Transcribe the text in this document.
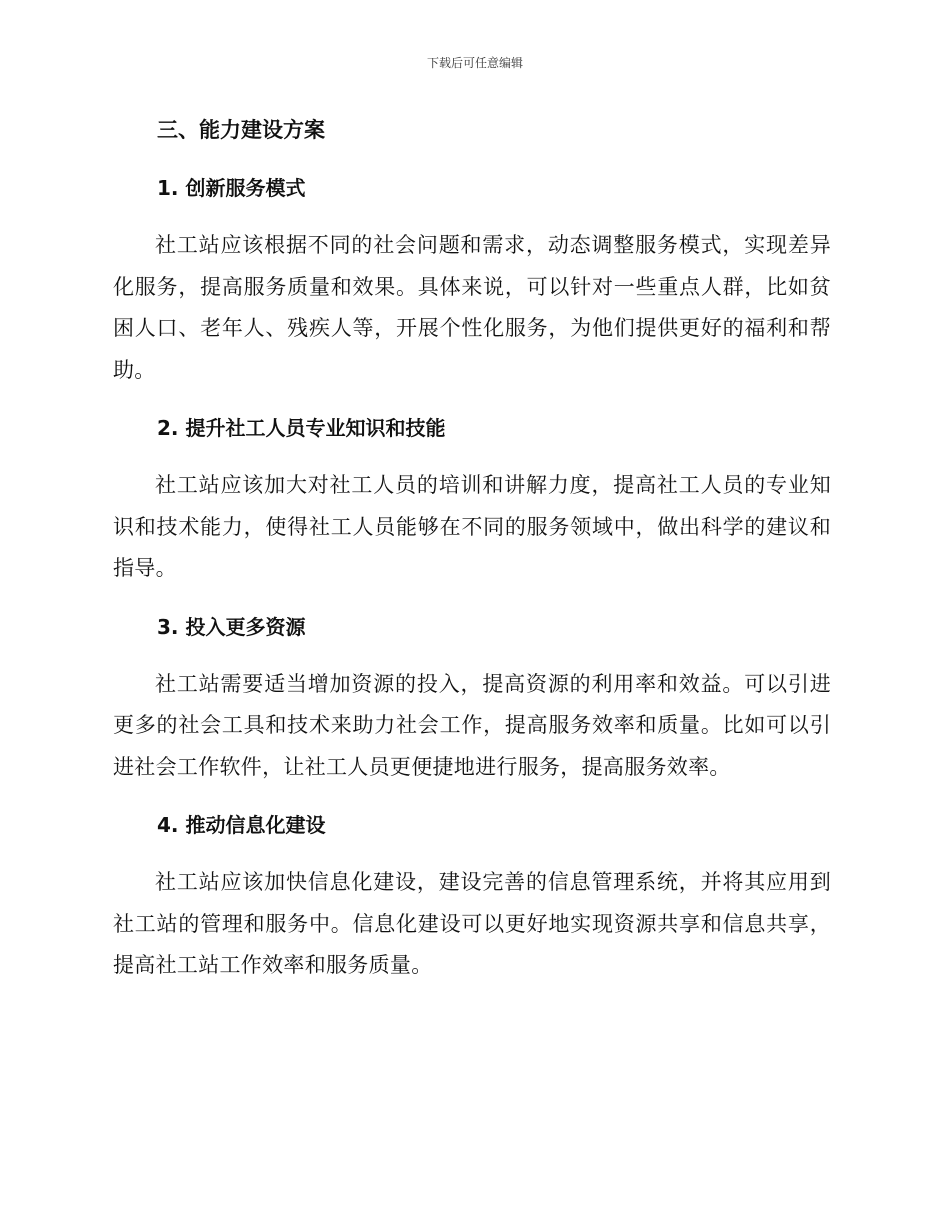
下载后可任意编辑
三、能力建设方案
1. 创新服务模式

社工站应该根据不同的社会问题和需求，动态调整服务模式，实现差异化服务，提高服务质量和效果。具体来说，可以针对一些重点人群，比如贫困人口、老年人、残疾人等，开展个性化服务，为他们提供更好的福利和帮助。

2. 提升社工人员专业知识和技能

社工站应该加大对社工人员的培训和讲解力度，提高社工人员的专业知识和技术能力，使得社工人员能够在不同的服务领域中，做出科学的建议和指导。

3. 投入更多资源

社工站需要适当增加资源的投入，提高资源的利用率和效益。可以引进更多的社会工具和技术来助力社会工作，提高服务效率和质量。比如可以引进社会工作软件，让社工人员更便捷地进行服务，提高服务效率。

4. 推动信息化建设

社工站应该加快信息化建设，建设完善的信息管理系统，并将其应用到社工站的管理和服务中。信息化建设可以更好地实现资源共享和信息共享，提高社工站工作效率和服务质量。
